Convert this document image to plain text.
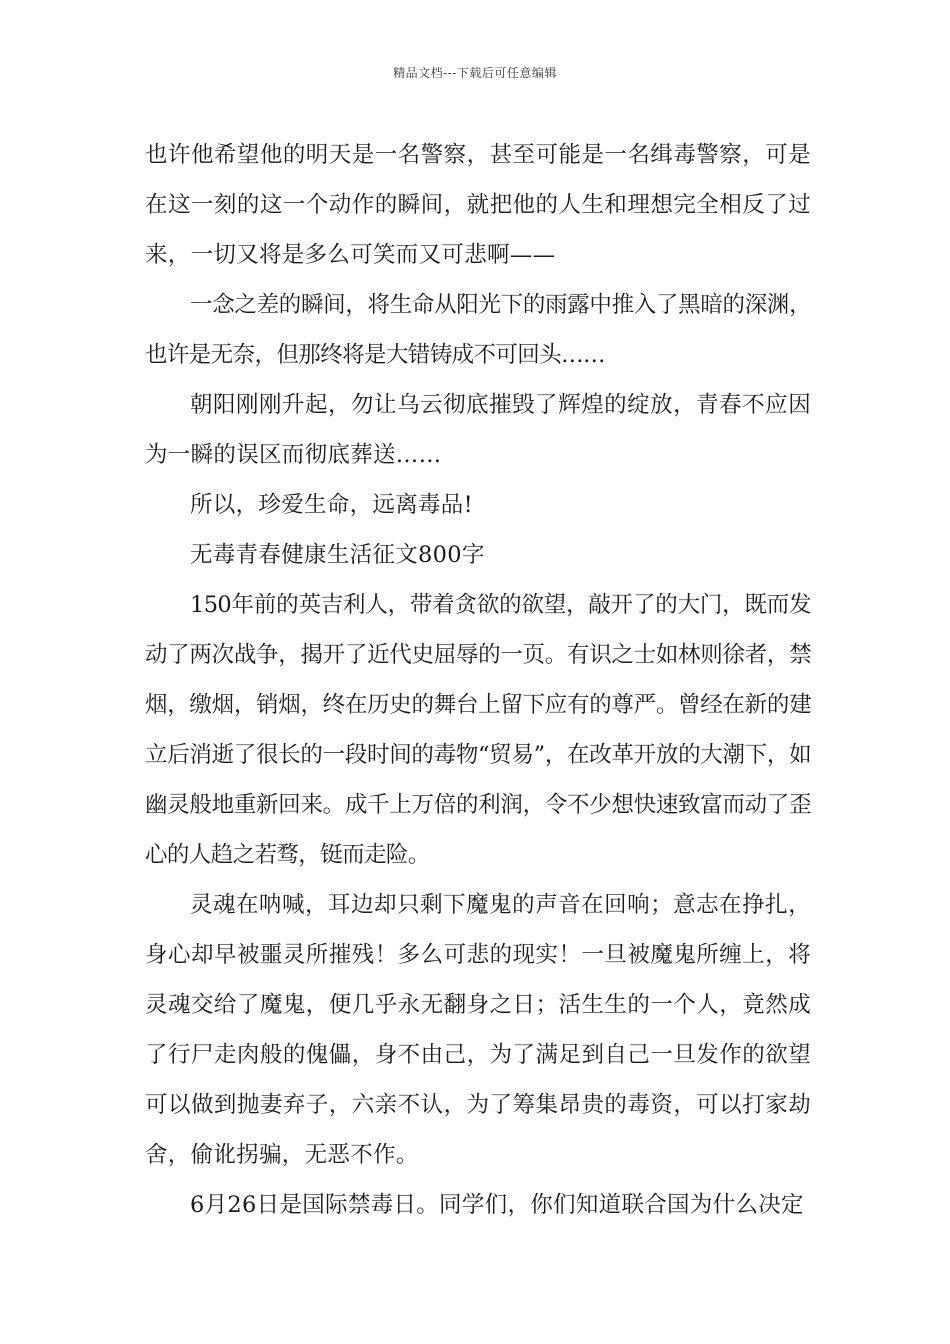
精品文档---下载后可任意编辑

也许他希望他的明天是一名警察，甚至可能是一名缉毒警察，可是在这一刻的这一个动作的瞬间，就把他的人生和理想完全相反了过来，一切又将是多么可笑而又可悲啊——

一念之差的瞬间，将生命从阳光下的雨露中推入了黑暗的深渊，也许是无奈，但那终将是大错铸成不可回头……

朝阳刚刚升起，勿让乌云彻底摧毁了辉煌的绽放，青春不应因为一瞬的误区而彻底葬送……

所以，珍爱生命，远离毒品!

无毒青春健康生活征文800字

150年前的英吉利人，带着贪欲的欲望，敲开了的大门，既而发动了两次战争，揭开了近代史屈辱的一页。有识之士如林则徐者，禁烟，缴烟，销烟，终在历史的舞台上留下应有的尊严。曾经在新的建立后消逝了很长的一段时间的毒物“贸易”，在改革开放的大潮下，如幽灵般地重新回来。成千上万倍的利润，令不少想快速致富而动了歪心的人趋之若骛，铤而走险。

灵魂在呐喊，耳边却只剩下魔鬼的声音在回响；意志在挣扎，身心却早被噩灵所摧残！多么可悲的现实！一旦被魔鬼所缠上，将灵魂交给了魔鬼，便几乎永无翻身之日；活生生的一个人，竟然成了行尸走肉般的傀儡，身不由己，为了满足到自己一旦发作的欲望可以做到抛妻弃子，六亲不认，为了筹集昂贵的毒资，可以打家劫舍，偷讹拐骗，无恶不作。

6月26日是国际禁毒日。同学们，你们知道联合国为什么决定
